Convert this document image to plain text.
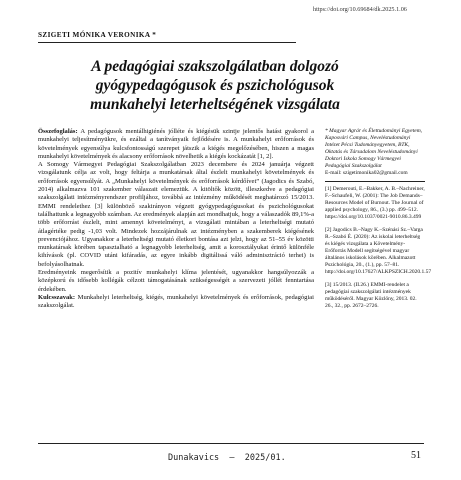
https://doi.org/10.69684/dk.2025.1.06
SZIGETI MÓNIKA VERONIKA *
A pedagógiai szakszolgálatban dolgozó
gyógypedagógusok és pszichológusok
munkahelyi leterheltségének vizsgálata

Összefoglalás: A pedagógusok mentálhigiénés jólléte és kiégésük szintje jelentős hatást gyakorol a munkahelyi teljesítményükre, és ezáltal a tanítványaik fejlődésére is. A munkahelyi erőforrások és követelmények egyensúlya kulcsfontosságú szerepet játszik a kiégés megelőzésében, hiszen a magas munkahelyi követelmények és alacsony erőforrások növelhetik a kiégés kockázatát [1, 2].

A Somogy Vármegyei Pedagógiai Szakszolgálatban 2023 decembere és 2024 januárja végzett vizsgálatunk célja az volt, hogy feltárja a munkatársak által észlelt munkahelyi követelmények és erőforrások egyensúlyát. A „Munkahelyi követelmények és erőforrások kérdőívet” (Jagodics és Szabó, 2014) alkalmazva 101 szakember válaszait elemeztük. A kitöltők között, illeszkedve a pedagógiai szakszolgálati intézményrendszer profiljához, továbbá az intézmény működését meghatározó 15/2013. EMMI rendelethez [3] különböző szakirányon végzett gyógypedagógusokat és pszichológusokat találhattunk a legnagyobb számban. Az eredmények alapján azt mondhatjuk, hogy a válaszadók 89,1%-a több erőforrást észlelt, mint amennyi követelményt, a vizsgálati mintában a leterheltségi mutató átlagértéke pedig -1,03 volt. Mindezek hozzájárulnak az intézményben a szakemberek kiégésének prevenciójához. Ugyanakkor a leterheltségi mutató életkori bontása azt jelzi, hogy az 51–55 év közötti munkatársak körében tapasztalható a legnagyobb leterheltség, amit a korosztályukat érintő különféle kihívások (pl. COVID utáni kifáradás, az egyre inkább digitálissá váló adminisztráció terhei) is befolyásolhatnak.

Eredményeink megerősítik a pozitív munkahelyi klíma jelentését, ugyanakkor hangsúlyozzák a középkorú és idősebb kollégák célzott támogatásának szükségességét a szervezeti jóllét fenntartása érdekében.

Kulcsszavak: Munkahelyi leterheltség, kiégés, munkahelyi követelmények és erőforrások, pedagógiai szakszolgálat.

* Magyar Agrár és Élettudományi Egyetem, Kaposvári Campus, Neveléstudományi Intézet Pécsi Tudományegyetem, BTK, Oktatás és Társadalom Neveléstudományi Doktori Iskola Somogy Vármegyei Pedagógiai Szakszolgálat
E-mail: szigetimonika02@gmail.com

[1] Demerouti, E.–Bakker, A. B.–Nachreiner, F.–Schaufeli, W. (2001): The Job Demands–Resources Model of Burnout. The Journal of applied psychology, 86., (3.) pp. 499–512. https://doi.org/10.1037/0021-9010.86.3.499

[2] Jagodics B.–Nagy K.–Szénási Sz.–Varga R.–Szabó É. (2020): Az iskolai leterheltség és kiégés vizsgálata a Követelmény-Erőforrás Modell segítségével magyar általános iskolások körében. Alkalmazott Pszichológia, 20., (1.), pp. 57–81. http://doi.org/10.17627/ALKPSZICH.2020.1.57

[3] 15/2013. (II.26.) EMMI-rendelet a pedagógiai szakszolgálati intézmények működéséről. Magyar Közlöny, 2013. 02. 26., 32., pp. 2672–2726.

Dunakavics  –  2025/01.	51
